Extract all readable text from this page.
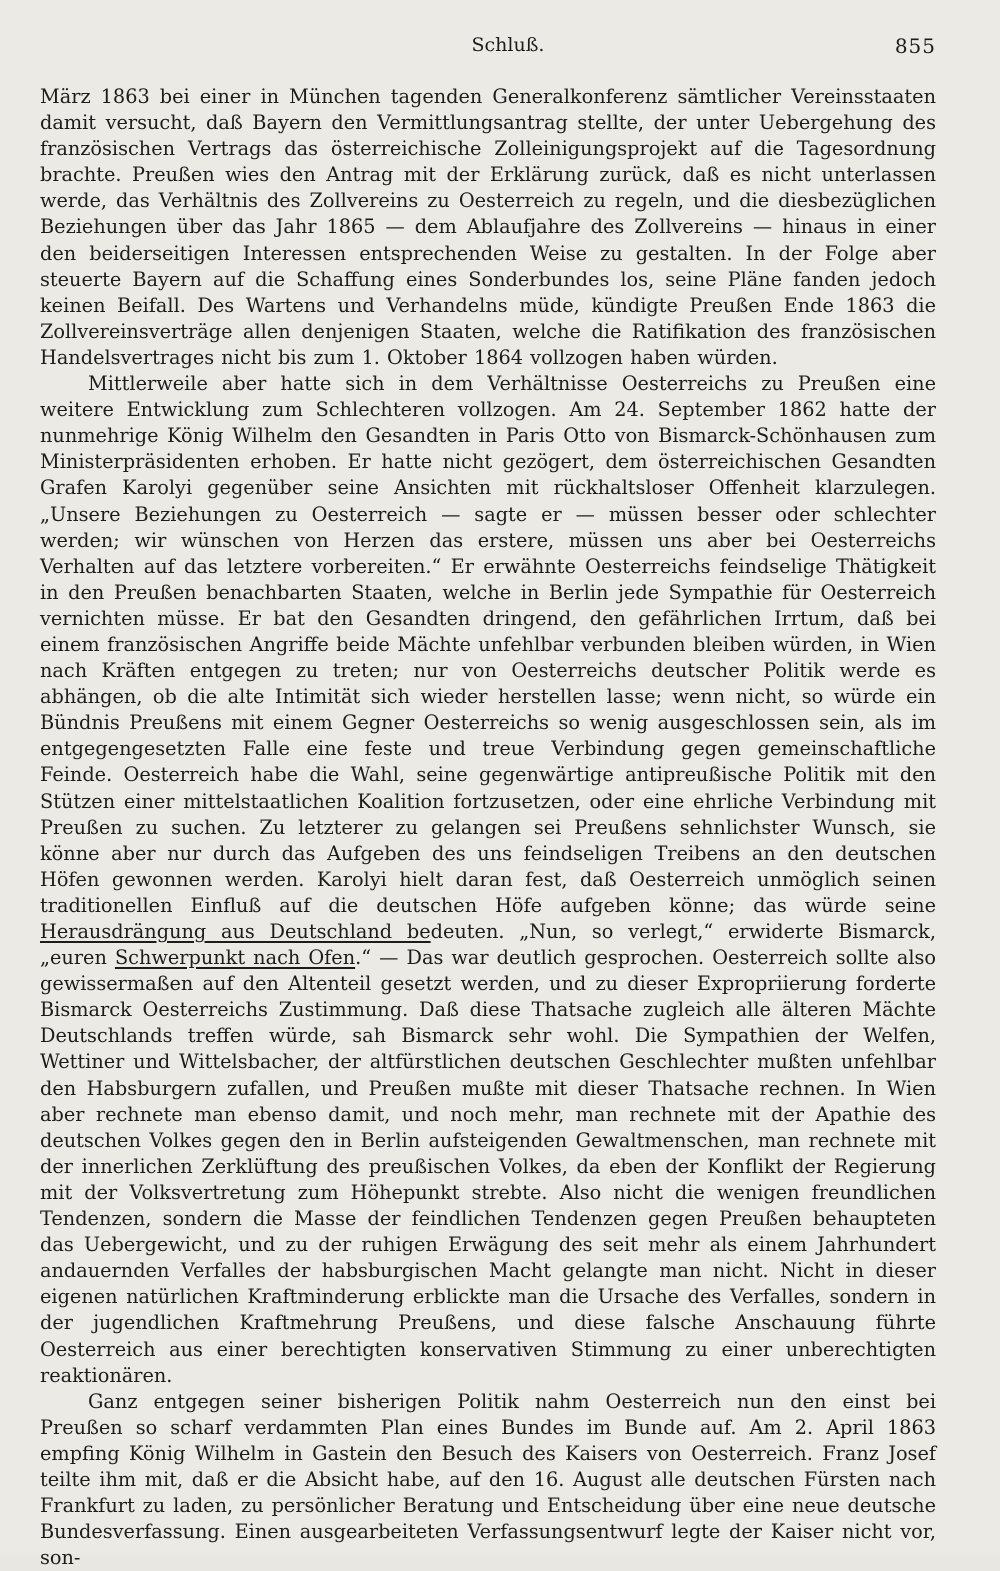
Schluß.	855

März 1863 bei einer in München tagenden Generalkonferenz sämtlicher Vereinsstaaten damit versucht, daß Bayern den Vermittlungsantrag stellte, der unter Uebergehung des französischen Vertrags das österreichische Zolleinigungsprojekt auf die Tagesordnung brachte. Preußen wies den Antrag mit der Erklärung zurück, daß es nicht unterlassen werde, das Verhältnis des Zollvereins zu Oesterreich zu regeln, und die diesbezüglichen Beziehungen über das Jahr 1865 — dem Ablaufjahre des Zollvereins — hinaus in einer den beiderseitigen Interessen entsprechenden Weise zu gestalten. In der Folge aber steuerte Bayern auf die Schaffung eines Sonderbundes los, seine Pläne fanden jedoch keinen Beifall. Des Wartens und Verhandelns müde, kündigte Preußen Ende 1863 die Zollvereinsverträge allen denjenigen Staaten, welche die Ratifikation des französischen Handelsvertrages nicht bis zum 1. Oktober 1864 vollzogen haben würden.

Mittlerweile aber hatte sich in dem Verhältnisse Oesterreichs zu Preußen eine weitere Entwicklung zum Schlechteren vollzogen. Am 24. September 1862 hatte der nunmehrige König Wilhelm den Gesandten in Paris Otto von Bismarck-Schönhausen zum Ministerpräsidenten erhoben. Er hatte nicht gezögert, dem österreichischen Gesandten Grafen Karolyi gegenüber seine Ansichten mit rückhaltsloser Offenheit klarzulegen. „Unsere Beziehungen zu Oesterreich — sagte er — müssen besser oder schlechter werden; wir wünschen von Herzen das erstere, müssen uns aber bei Oesterreichs Verhalten auf das letztere vorbereiten.“ Er erwähnte Oesterreichs feindselige Thätigkeit in den Preußen benachbarten Staaten, welche in Berlin jede Sympathie für Oesterreich vernichten müsse. Er bat den Gesandten dringend, den gefährlichen Irrtum, daß bei einem französischen Angriffe beide Mächte unfehlbar verbunden bleiben würden, in Wien nach Kräften entgegen zu treten; nur von Oesterreichs deutscher Politik werde es abhängen, ob die alte Intimität sich wieder herstellen lasse; wenn nicht, so würde ein Bündnis Preußens mit einem Gegner Oesterreichs so wenig ausgeschlossen sein, als im entgegengesetzten Falle eine feste und treue Verbindung gegen gemeinschaftliche Feinde. Oesterreich habe die Wahl, seine gegenwärtige antipreußische Politik mit den Stützen einer mittelstaatlichen Koalition fortzusetzen, oder eine ehrliche Verbindung mit Preußen zu suchen. Zu letzterer zu gelangen sei Preußens sehnlichster Wunsch, sie könne aber nur durch das Aufgeben des uns feindseligen Treibens an den deutschen Höfen gewonnen werden. Karolyi hielt daran fest, daß Oesterreich unmöglich seinen traditionellen Einfluß auf die deutschen Höfe aufgeben könne; das würde seine Herausdrängung aus Deutschland bedeuten. „Nun, so verlegt,“ erwiderte Bismarck, „euren Schwerpunkt nach Ofen.“ — Das war deutlich gesprochen. Oesterreich sollte also gewissermaßen auf den Altenteil gesetzt werden, und zu dieser Expropriierung forderte Bismarck Oesterreichs Zustimmung. Daß diese Thatsache zugleich alle älteren Mächte Deutschlands treffen würde, sah Bismarck sehr wohl. Die Sympathien der Welfen, Wettiner und Wittelsbacher, der altfürstlichen deutschen Geschlechter mußten unfehlbar den Habsburgern zufallen, und Preußen mußte mit dieser Thatsache rechnen. In Wien aber rechnete man ebenso damit, und noch mehr, man rechnete mit der Apathie des deutschen Volkes gegen den in Berlin aufsteigenden Gewaltmenschen, man rechnete mit der innerlichen Zerklüftung des preußischen Volkes, da eben der Konflikt der Regierung mit der Volksvertretung zum Höhepunkt strebte. Also nicht die wenigen freundlichen Tendenzen, sondern die Masse der feindlichen Tendenzen gegen Preußen behaupteten das Uebergewicht, und zu der ruhigen Erwägung des seit mehr als einem Jahrhundert andauernden Verfalles der habsburgischen Macht gelangte man nicht. Nicht in dieser eigenen natürlichen Kraftminderung erblickte man die Ursache des Verfalles, sondern in der jugendlichen Kraftmehrung Preußens, und diese falsche Anschauung führte Oesterreich aus einer berechtigten konservativen Stimmung zu einer unberechtigten reaktionären.

Ganz entgegen seiner bisherigen Politik nahm Oesterreich nun den einst bei Preußen so scharf verdammten Plan eines Bundes im Bunde auf. Am 2. April 1863 empfing König Wilhelm in Gastein den Besuch des Kaisers von Oesterreich. Franz Josef teilte ihm mit, daß er die Absicht habe, auf den 16. August alle deutschen Fürsten nach Frankfurt zu laden, zu persönlicher Beratung und Entscheidung über eine neue deutsche Bundesverfassung. Einen ausgearbeiteten Verfassungsentwurf legte der Kaiser nicht vor, son-
